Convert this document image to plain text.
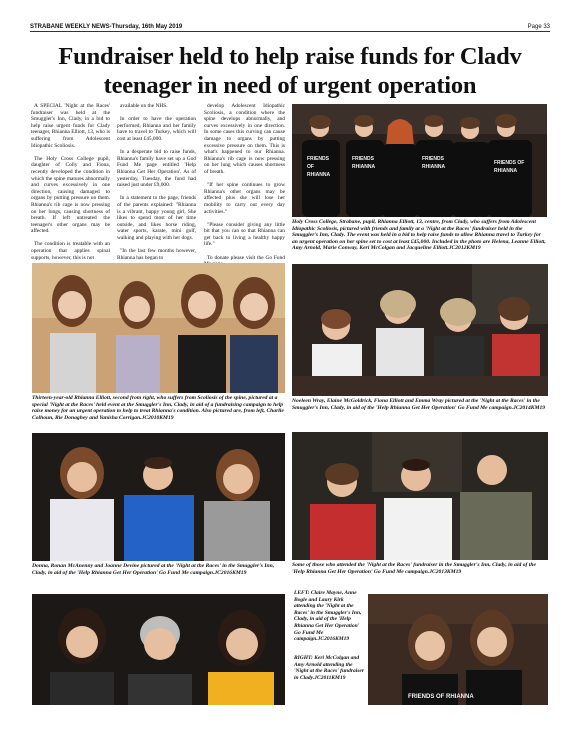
STRABANE WEEKLY NEWS-Thursday, 16th May 2019	Page 33
Fundraiser held to help raise funds for Cladv teenager in need of urgent operation

A SPECIAL 'Night at the Races' fundraiser was held at the Smuggler's Inn, Clady, in a bid to help raise urgent funds for Clady teenager, Rhianna Elliott, 13, who is suffering from Adolescent Idiopathic Scoliosis.

The Holy Cross College pupil, daughter of Colly and Fiona, recently developed the condition in which the spine matures abnormally and curves excessively in one direction, causing damaged to organs by putting pressure on them. Rhianna's rib cage is now pressing on her lungs, causing shortness of breath. If left untreated the teenager's other organs may be affected.

The condition is treatable with an operation that applies spinal supports, however, this is not

available on the NHS.

In order to have the operation performed, Rhianna and her family have to travel to Turkey, which will cost at least £45,000.

In a desperate bid to raise funds, Rhianna's family have set up a God Fund Me page entitled 'Help Rhianna Get Her Operation'. As of yesterday, Tuesday, the fund had raised just under £9,000.

In a statement to the page, friends of the parents explained: "Rhianna is a vibrant, happy young girl, She likes to spend most of her time outside, and likes horse riding, water sports, karate, mini golf, walking and playing with her dogs.

"In the last few months however, Rhianna has began to

develop Adolescent Idiopathic Scoliosis, a condition where the spine develops abnormally, and curves excessively in one direction. In some cases this curving can cause damage to organs by putting excessive pressure on them. This is what's happened to our Rhianna. Rhianna's rib cage is now pressing on her lung which causes shortness of breath.

"If her spine continues to grow Rhianna's other organs may be affected plus she will lose her mobility to carry out every day activities."

"Please consider giving any little bit that you can so that Rhianna can get back to living a healthy happy life."

To donate please visit the Go Fund

FRIENDS
OF
RHIANNA
FRIENDS
RHIANNA
FRIENDS
RHIANNA
FRIENDS OF
RHIANNA
Holy Cross College, Strabane, pupil, Rhianna Elliott, 13, centre, from Clady, who suffers from Adolescent Idiopathic Scoliosis, pictured with friends and family at a 'Night at the Races' fundraiser held in the Smuggler's Inn, Clady. The event was held in a bid to help raise funds to allow Rhianna travel to Turkey for an urgent operation on her spine set to cost at least £45,000. Included in the photo are Helena, Leanne Elliott, Amy Arnold, Marie Conway, Keri McColgan and Jacqueline Elliott.JC2012KM19
Thirteen-year-old Rhianna Elliott, second from right, who suffers from Scoliosis of the spine, pictured at a special 'Night at the Races' held event at the Smuggler's Inn, Clady, in aid of a fundraising campaign to help raise money for an urgent operation to help to treat Rhianna's condition. Also pictured are, from left, Charlie Colhoun, Rie Donaghey and Yanisha Corrigan.JC2010KM19
Noeleen Wray, Elaine McGoldrick, Fiona Elliott and Emma Wray pictured at the 'Night at the Races' in the Smuggler's Inn, Clady, in aid of the 'Help Rhianna Get Her Operation' Go Fund Me campaign.JC2014KM19
Donna, Ronan McAnenny and Joanne Devine pictured at the 'Night at the Races' in the Smuggler's Inn, Clady, in aid of the 'Help Rhianna Get Her Operation' Go Fund Me campaign.JC2016KM19
Some of those who attended the 'Night at the Races' fundraiser in the Smuggler's Inn, Clady, in aid of the 'Help Rhianna Get Her Operation' Go Fund Me campaign.JC2013KM19
LEFT: Claire Mayne, Anne Bogle and Laury Kirk attending the 'Night at the Races' in the Smuggler's Inn, Clady, in aid of the 'Help Rhianna Get Her Operation' Go Fund Me campaign.JC2016KM19
RIGHT: Keri McColgan and Amy Arnold attending the 'Night at the Races' fundraiser in Clady.JC2011KM19
FRIENDS OF RHIANNA
